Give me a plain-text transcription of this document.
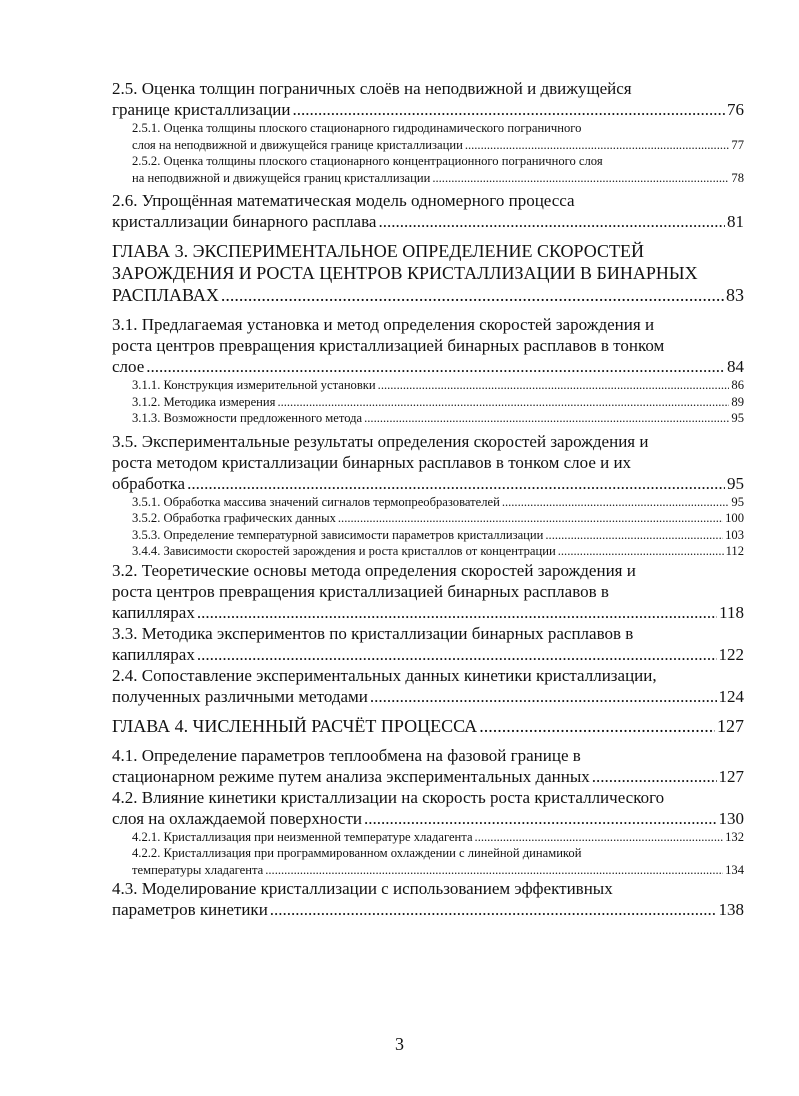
2.5. Оценка толщин пограничных слоёв на неподвижной и движущейся
границе кристаллизации .....	76
2.5.1. Оценка толщины плоского стационарного гидродинамического пограничного
слоя на неподвижной и движущейся границе кристаллизации .....	77
2.5.2. Оценка толщины плоского стационарного концентрационного пограничного слоя
на неподвижной и движущейся границ кристаллизации .....	78
2.6. Упрощённая математическая модель одномерного процесса
кристаллизации бинарного расплава .....	81
ГЛАВА 3. ЭКСПЕРИМЕНТАЛЬНОЕ ОПРЕДЕЛЕНИЕ СКОРОСТЕЙ
ЗАРОЖДЕНИЯ И РОСТА ЦЕНТРОВ КРИСТАЛЛИЗАЦИИ В БИНАРНЫХ
РАСПЛАВАХ .....	83
3.1. Предлагаемая установка и метод определения скоростей зарождения и
роста центров превращения кристаллизацией бинарных расплавов в тонком
слое .....	84
3.1.1. Конструкция измерительной установки .....	86
3.1.2. Методика измерения .....	89
3.1.3. Возможности предложенного метода .....	95
3.5. Экспериментальные результаты определения скоростей зарождения и
роста методом кристаллизации бинарных расплавов в тонком слое и их
обработка .....	95
3.5.1. Обработка массива значений сигналов термопреобразователей .....	95
3.5.2. Обработка графических данных .....	100
3.5.3. Определение температурной зависимости параметров кристаллизации .....	103
3.4.4. Зависимости скоростей зарождения и роста кристаллов от концентрации .....	112
3.2. Теоретические основы метода определения скоростей зарождения и
роста центров превращения кристаллизацией бинарных расплавов в
капиллярах .....	118
3.3. Методика экспериментов по кристаллизации бинарных расплавов в
капиллярах .....	122
2.4. Сопоставление экспериментальных данных кинетики кристаллизации,
полученных различными методами .....	124
ГЛАВА 4. ЧИСЛЕННЫЙ РАСЧЁТ ПРОЦЕССА .....	127
4.1. Определение параметров теплообмена на фазовой границе в
стационарном режиме путем анализа экспериментальных данных .....	127
4.2. Влияние кинетики кристаллизации на скорость роста кристаллического
слоя на охлаждаемой поверхности .....	130
4.2.1. Кристаллизация при неизменной температуре хладагента .....	132
4.2.2. Кристаллизация при программированном охлаждении с линейной динамикой
температуры хладагента .....	134
4.3. Моделирование кристаллизации с использованием эффективных
параметров кинетики .....	138
3
